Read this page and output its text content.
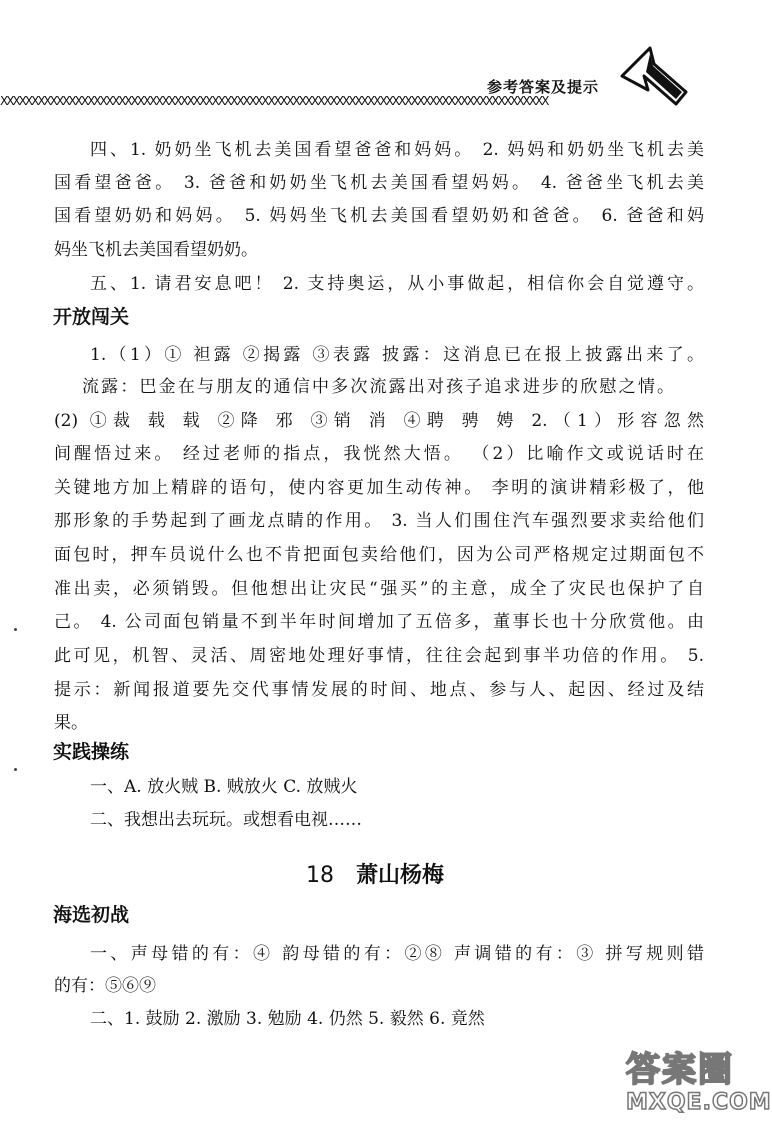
参考答案及提示
XXXXXXXXXXXXXXXXXXXXXXXXXXXXXXXXXXXXXXXXXXXXXXXXXXXXXXXXXXXXXXXXXXXXXXXXXXXXXXXXXXXXXXXX
四、1. 奶奶坐飞机去美国看望爸爸和妈妈。 2. 妈妈和奶奶坐飞机去美
国看望爸爸。 3. 爸爸和奶奶坐飞机去美国看望妈妈。 4. 爸爸坐飞机去美
国看望奶奶和妈妈。 5. 妈妈坐飞机去美国看望奶奶和爸爸。 6. 爸爸和妈
妈坐飞机去美国看望奶奶。
五、1. 请君安息吧！ 2. 支持奥运，从小事做起，相信你会自觉遵守。
开放闯关
1.（1）① 袒露 ②揭露 ③表露 披露：这消息已在报上披露出来了。
流露：巴金在与朋友的通信中多次流露出对孩子追求进步的欣慰之情。
(2) ①裁 载 载 ②降 邪 ③销 消 ④聘 骋 娉 2.（1）形容忽然
间醒悟过来。 经过老师的指点，我恍然大悟。 （2）比喻作文或说话时在
关键地方加上精辟的语句，使内容更加生动传神。 李明的演讲精彩极了，他
那形象的手势起到了画龙点睛的作用。 3. 当人们围住汽车强烈要求卖给他们
面包时，押车员说什么也不肯把面包卖给他们，因为公司严格规定过期面包不
准出卖，必须销毁。但他想出让灾民“强买”的主意，成全了灾民也保护了自
己。 4. 公司面包销量不到半年时间增加了五倍多，董事长也十分欣赏他。由
此可见，机智、灵活、周密地处理好事情，往往会起到事半功倍的作用。 5.
提示：新闻报道要先交代事情发展的时间、地点、参与人、起因、经过及结
果。
实践操练
一、A. 放火贼 B. 贼放火 C. 放贼火
二、我想出去玩玩。或想看电视……
18 萧山杨梅
海选初战
一、声母错的有：④ 韵母错的有：②⑧ 声调错的有：③ 拼写规则错
的有：⑤⑥⑨
二、1. 鼓励 2. 激励 3. 勉励 4. 仍然 5. 毅然 6. 竟然
答案圈
MXQE.COM
